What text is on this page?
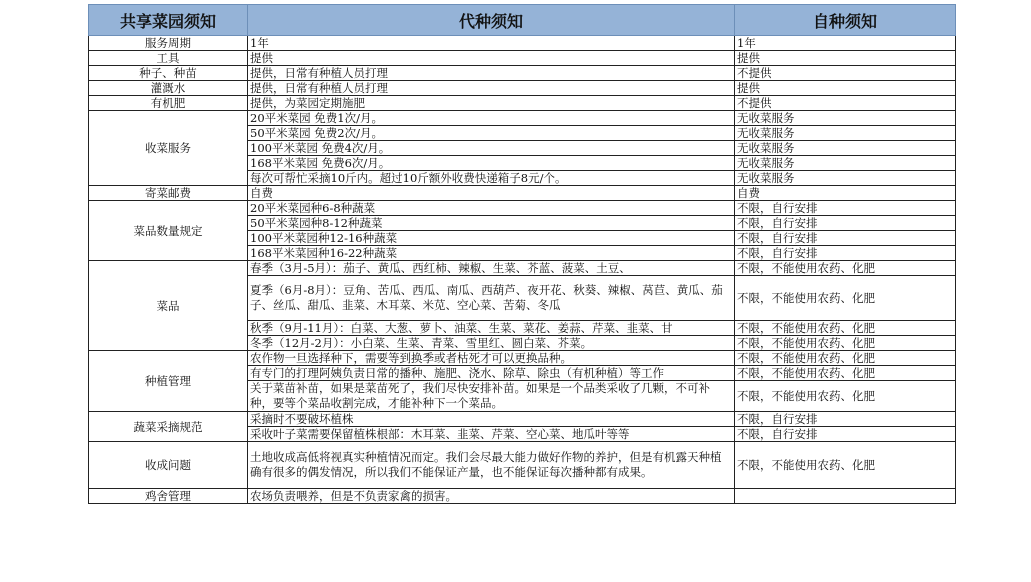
共享菜园须知	代种须知	自种须知
服务周期	1年	1年
工具	提供	提供
种子、种苗	提供，日常有种植人员打理	不提供
灌溉水	提供，日常有种植人员打理	提供
有机肥	提供，为菜园定期施肥	不提供
收菜服务	20平米菜园 免费1次/月。	无收菜服务
	50平米菜园 免费2次/月。	无收菜服务
	100平米菜园 免费4次/月。	无收菜服务
	168平米菜园 免费6次/月。	无收菜服务
	每次可帮忙采摘10斤内。超过10斤额外收费快递箱子8元/个。	无收菜服务
寄菜邮费	自费	自费
菜品数量规定	20平米菜园种6-8种蔬菜	不限，自行安排
	50平米菜园种8-12种蔬菜	不限，自行安排
	100平米菜园种12-16种蔬菜	不限，自行安排
	168平米菜园种16-22种蔬菜	不限，自行安排
菜品	春季（3月-5月）：茄子、黄瓜、西红柿、辣椒、生菜、芥蓝、菠菜、土豆、	不限，不能使用农药、化肥
	夏季（6月-8月）：豆角、苦瓜、西瓜、南瓜、西葫芦、夜开花、秋葵、辣椒、莴苣、黄瓜、茄子、丝瓜、甜瓜、韭菜、木耳菜、米苋、空心菜、苦菊、冬瓜	不限，不能使用农药、化肥
	秋季（9月-11月）：白菜、大葱、萝卜、油菜、生菜、菜花、姜蒜、芹菜、韭菜、甘	不限，不能使用农药、化肥
	冬季（12月-2月）：小白菜、生菜、青菜、雪里红、圆白菜、芥菜。	不限，不能使用农药、化肥
种植管理	农作物一旦选择种下，需要等到换季或者枯死才可以更换品种。	不限，不能使用农药、化肥
	有专门的打理阿姨负责日常的播种、施肥、浇水、除草、除虫（有机种植）等工作	不限，不能使用农药、化肥
	关于菜苗补苗，如果是菜苗死了，我们尽快安排补苗。如果是一个品类采收了几颗，不可补种，要等个菜品收割完成，才能补种下一个菜品。	不限，不能使用农药、化肥
蔬菜采摘规范	采摘时不要破坏植株	不限，自行安排
	采收叶子菜需要保留植株根部：木耳菜、韭菜、芹菜、空心菜、地瓜叶等等	不限，自行安排
收成问题	土地收成高低将视真实种植情况而定。我们会尽最大能力做好作物的养护，但是有机露天种植确有很多的偶发情况，所以我们不能保证产量，也不能保证每次播种都有成果。	不限，不能使用农药、化肥
鸡舍管理	农场负责喂养，但是不负责家禽的损害。	
